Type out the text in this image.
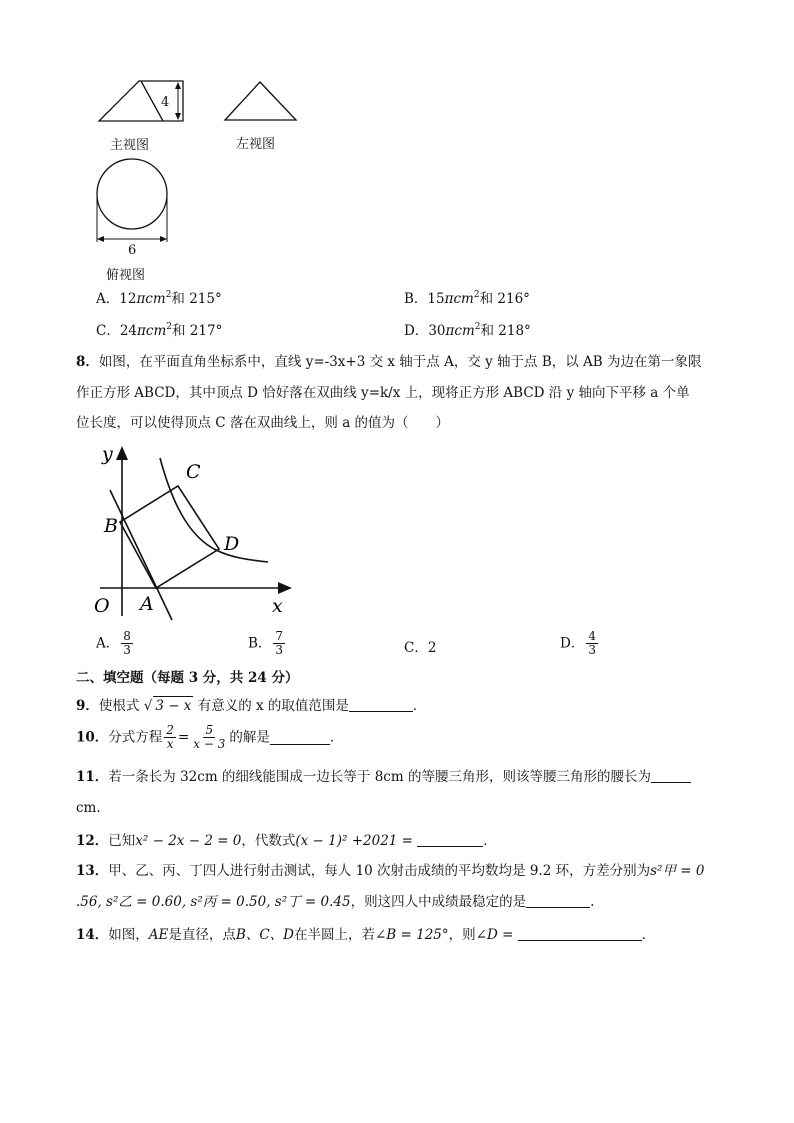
4
主视图	左视图
6
俯视图
A．12πcm$^2$和 215°	B．15πcm$^2$和 216°
C．24πcm$^2$和 217°	D．30πcm$^2$和 218°
8．如图，在平面直角坐标系中，直线 y=-3x+3 交 x 轴于点 A，交 y 轴于点 B，以 AB 为边在第一象限
作正方形 ABCD，其中顶点 D 恰好落在双曲线 y=k/x 上，现将正方形 ABCD 沿 y 轴向下平移 a 个单
位长度，可以使得顶点 C 落在双曲线上，则 a 的值为（　　）
y
x
O A
B
C
D
A． $\frac{8}{3}$	B． $\frac{7}{3}$	C．2	D． $\frac{4}{3}$
二、填空题（每题 3 分，共 24 分）
9．使根式 √ 3 − x 有意义的 x 的取值范围是	．
10．分式方程 $\frac{2}{x} = \frac{5}{x - 3}$ 的解是	．
11．若一条长为 32cm 的细线能围成一边长等于 8cm 的等腰三角形，则该等腰三角形的腰长为
cm.
12．已知x² − 2x − 2 = 0，代数式(x − 1)² +2021 =	．
13．甲、乙、丙、丁四人进行射击测试，每人 10 次射击成绩的平均数均是 9.2 环，方差分别为s²甲 = 0
.56, s²乙 = 0.60, s²丙 = 0.50, s²丁 = 0.45，则这四人中成绩最稳定的是	.
14．如图，AE是直径，点B、C、D在半圆上，若∠B = 125°，则∠D =	．
